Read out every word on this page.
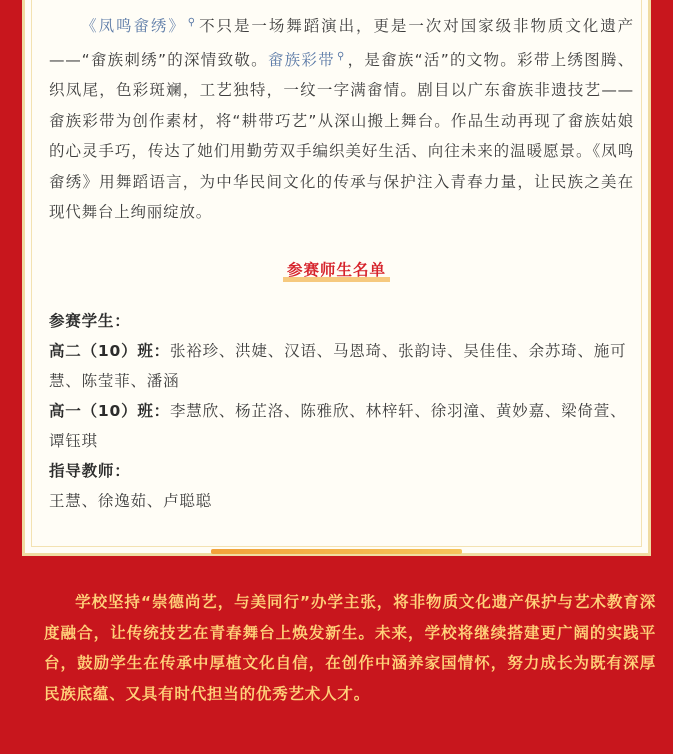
《凤鸣畲绣》 ⚲ 不只是一场舞蹈演出，更是一次对国家级非物质文化遗产——“畲族刺绣”的深情致敬。畲族彩带 ⚲ ，是畲族“活”的文物。彩带上绣图腾、织凤尾，色彩斑斓，工艺独特，一纹一字满畲情。剧目以广东畲族非遗技艺——畲族彩带为创作素材，将“耕带巧艺”从深山搬上舞台。作品生动再现了畲族姑娘的心灵手巧，传达了她们用勤劳双手编织美好生活、向往未来的温暖愿景。《凤鸣畲绣》用舞蹈语言，为中华民间文化的传承与保护注入青春力量，让民族之美在现代舞台上绚丽绽放。

参赛师生名单

参赛学生：

高二（10）班：张裕珍、洪婕、汉语、马恩琦、张韵诗、吴佳佳、余苏琦、施可慧、陈莹菲、潘涵

高一（10）班：李慧欣、杨芷洛、陈雅欣、林梓轩、徐羽潼、黄妙嘉、梁倚萱、谭钰琪

指导教师：

王慧、徐逸茹、卢聪聪

学校坚持“崇德尚艺，与美同行”办学主张，将非物质文化遗产保护与艺术教育深度融合，让传统技艺在青春舞台上焕发新生。未来，学校将继续搭建更广阔的实践平台，鼓励学生在传承中厚植文化自信，在创作中涵养家国情怀，努力成长为既有深厚民族底蕴、又具有时代担当的优秀艺术人才。
